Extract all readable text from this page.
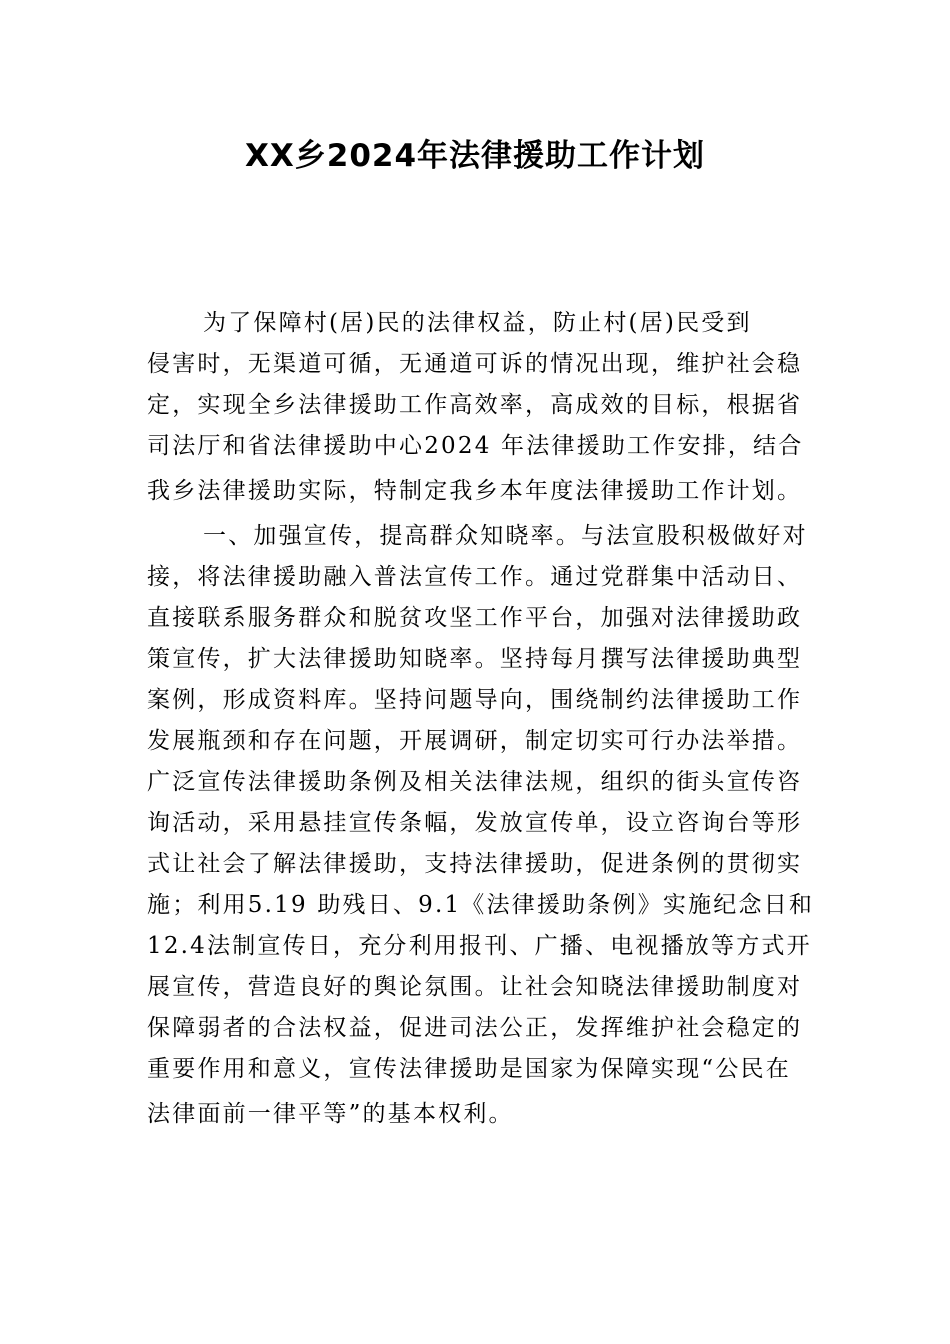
XX乡2024年法律援助工作计划
为了保障村(居)民的法律权益，防止村(居)民受到
侵害时，无渠道可循，无通道可诉的情况出现，维护社会稳
定，实现全乡法律援助工作高效率，高成效的目标，根据省
司法厅和省法律援助中心2024 年法律援助工作安排，结合
我乡法律援助实际，特制定我乡本年度法律援助工作计划。
一、加强宣传，提高群众知晓率。与法宣股积极做好对
接，将法律援助融入普法宣传工作。通过党群集中活动日、
直接联系服务群众和脱贫攻坚工作平台，加强对法律援助政
策宣传，扩大法律援助知晓率。坚持每月撰写法律援助典型
案例，形成资料库。坚持问题导向，围绕制约法律援助工作
发展瓶颈和存在问题，开展调研，制定切实可行办法举措。
广泛宣传法律援助条例及相关法律法规，组织的街头宣传咨
询活动，采用悬挂宣传条幅，发放宣传单，设立咨询台等形
式让社会了解法律援助，支持法律援助，促进条例的贯彻实
施；利用5.19 助残日、9.1《法律援助条例》实施纪念日和
12.4法制宣传日，充分利用报刊、广播、电视播放等方式开
展宣传，营造良好的舆论氛围。让社会知晓法律援助制度对
保障弱者的合法权益，促进司法公正，发挥维护社会稳定的
重要作用和意义，宣传法律援助是国家为保障实现“公民在
法律面前一律平等”的基本权利。
